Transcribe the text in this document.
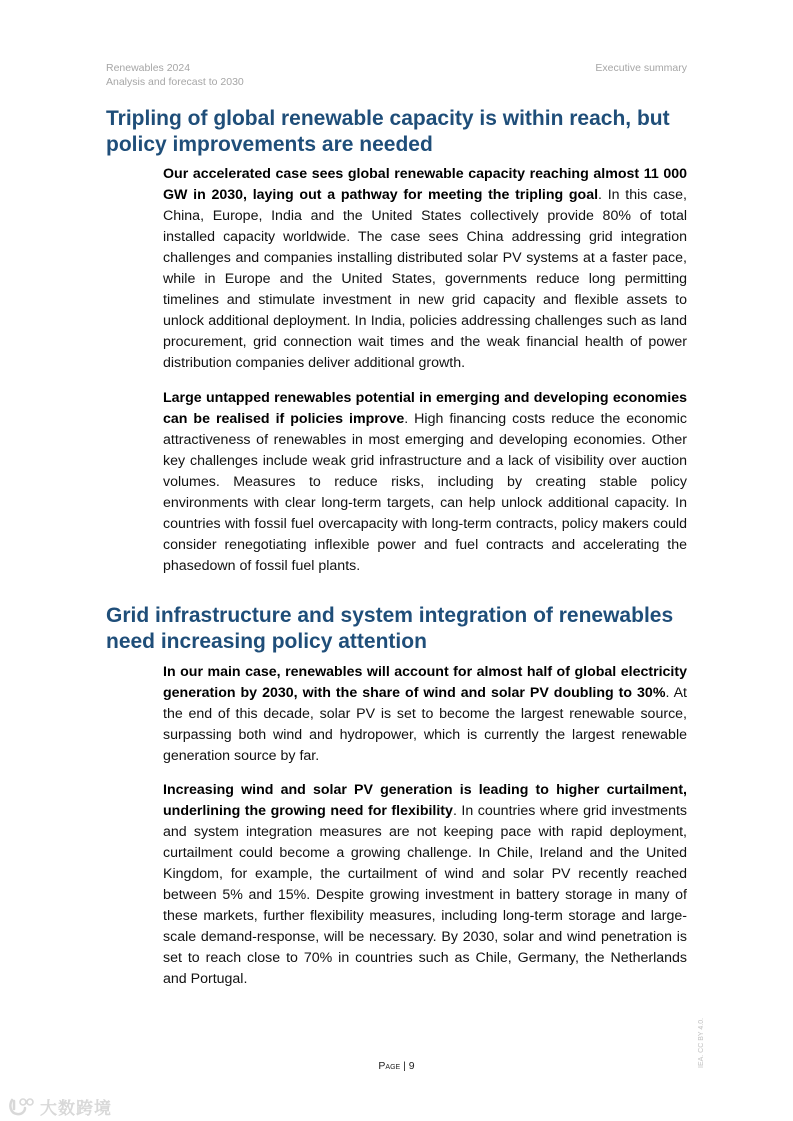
Renewables 2024
Analysis and forecast to 2030
Executive summary
Tripling of global renewable capacity is within reach, but policy improvements are needed

Our accelerated case sees global renewable capacity reaching almost 11 000 GW in 2030, laying out a pathway for meeting the tripling goal. In this case, China, Europe, India and the United States collectively provide 80% of total installed capacity worldwide. The case sees China addressing grid integration challenges and companies installing distributed solar PV systems at a faster pace, while in Europe and the United States, governments reduce long permitting timelines and stimulate investment in new grid capacity and flexible assets to unlock additional deployment. In India, policies addressing challenges such as land procurement, grid connection wait times and the weak financial health of power distribution companies deliver additional growth.

Large untapped renewables potential in emerging and developing economies can be realised if policies improve. High financing costs reduce the economic attractiveness of renewables in most emerging and developing economies. Other key challenges include weak grid infrastructure and a lack of visibility over auction volumes. Measures to reduce risks, including by creating stable policy environments with clear long-term targets, can help unlock additional capacity. In countries with fossil fuel overcapacity with long-term contracts, policy makers could consider renegotiating inflexible power and fuel contracts and accelerating the phasedown of fossil fuel plants.

Grid infrastructure and system integration of renewables need increasing policy attention

In our main case, renewables will account for almost half of global electricity generation by 2030, with the share of wind and solar PV doubling to 30%. At the end of this decade, solar PV is set to become the largest renewable source, surpassing both wind and hydropower, which is currently the largest renewable generation source by far.

Increasing wind and solar PV generation is leading to higher curtailment, underlining the growing need for flexibility. In countries where grid investments and system integration measures are not keeping pace with rapid deployment, curtailment could become a growing challenge. In Chile, Ireland and the United Kingdom, for example, the curtailment of wind and solar PV recently reached between 5% and 15%. Despite growing investment in battery storage in many of these markets, further flexibility measures, including long-term storage and large-scale demand-response, will be necessary. By 2030, solar and wind penetration is set to reach close to 70% in countries such as Chile, Germany, the Netherlands and Portugal.

Page | 9	IEA. CC BY 4.0.
大数跨境
